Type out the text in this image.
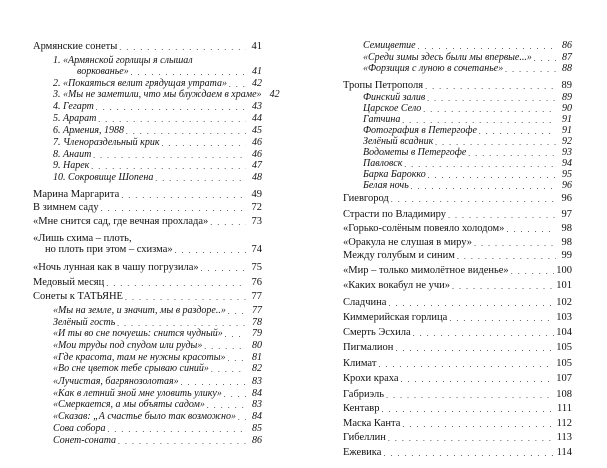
Армянские сонеты . . .	41
1. «Армянской горлицы я слышал
воркованье» . . .	41
2. «Покаяться велит грядущая утрата» . . .	42
3. «Мы не заметили, что мы блуждаем в храме» 42
4. Гегарт . . .	43
5. Арарат . . .	44
6. Армения, 1988 . . .	45
7. Членораздельный крик . . .	46
8. Анаит . . .	46
9. Нарек . . .	47
10. Сокровище Шопена . . .	48
Марина Маргарита . . .	49
В зимнем саду . . .	72
«Мне снится сад, где вечная прохлада» . . .	73
«Лишь схима – плоть,
но плоть при этом – схизма» . . .	74
«Ночь лунная как в чашу погрузила» . . .	75
Медовый месяц . . .	76
Сонеты к ТАТЬЯНЕ . . .	77
«Мы на земле, и значит, мы в раздоре..» . . .	77
Зелёный гость . . .	78
«И ты во сне почуешь: снится чудный» . . .	79
«Мои труды под спудом или руды» . . .	80
«Где красота, там не нужны красоты» . . .	81
«Во сне цветок тебе срываю синий» . . .	82
«Лучистая, багрянозолотая» . . .	83
«Как в летний зной мне уловить улику» . . .	84
«Смеркается, а мы объяты садом» . . .	83
«Сказав: „А счастье было так возможно» . . .	84
Сова собора . . .	85
Сонет-соната . . .	86
Семицветие . . .	86
«Среди зимы здесь были мы впервые...» . . .	87
«Форзиция с луною в сочетанье» . . .	88
Тропы Петрополя . . .	89
Финский залив . . .	89
Царское Село . . .	90
Гатчина . . .	91
Фотография в Петергофе . . .	91
Зелёный всадник . . .	92
Водометы в Петергофе . . .	93
Павловск . . .	94
Барка Барокко . . .	95
Белая ночь . . .	96
Гиевгород . . .	96
Страсти по Владимиру . . .	97
«Горько-солёным повеяло холодом» . . .	98
«Оракула не слушая в миру» . . .	98
Между голубым и синим . . .	99
«Мир – только мимолётное виденье» . . .	100
«Каких вокабул не учи» . . .	101
Сладчина . . .	102
Киммерийская горлица . . .	103
Смерть Эсхила . . .	104
Пигмалион . . .	105
Климат . . .	105
Крохи краха . . .	107
Габриэль . . .	108
Кентавр . . .	111
Маска Канта . . .	112
Гибеллин . . .	113
Ежевика . . .	114
